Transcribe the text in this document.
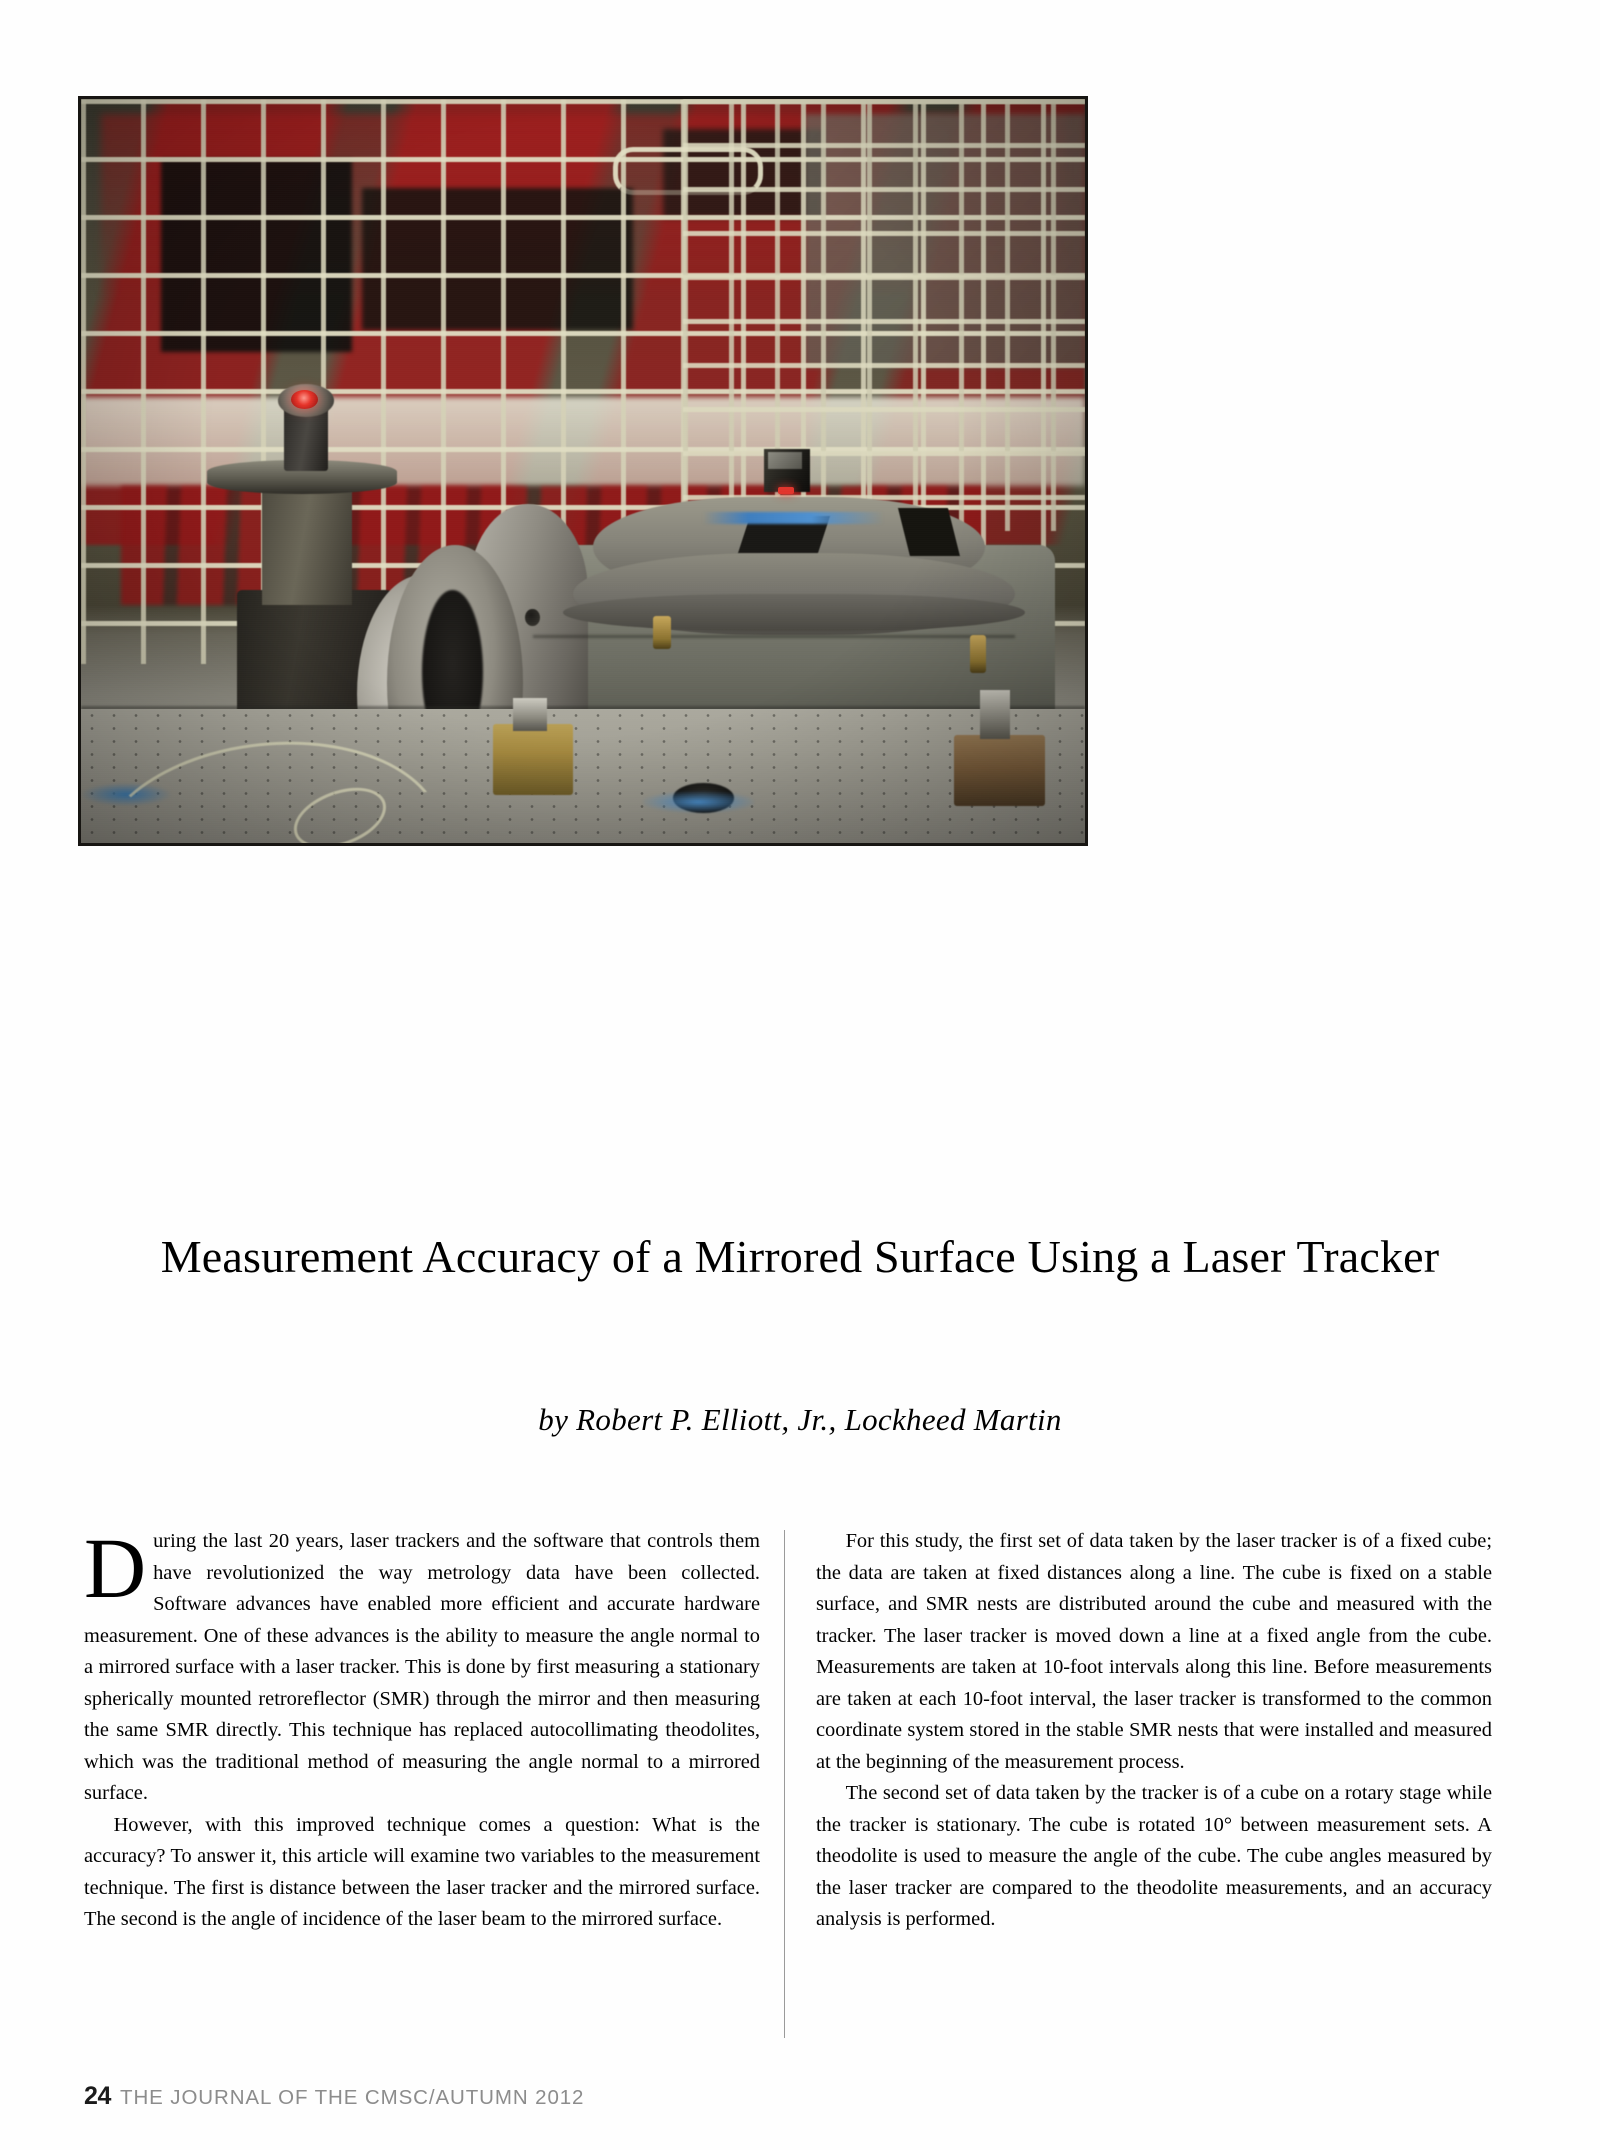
Measurement Accuracy of a Mirrored Surface Using a Laser Tracker
by Robert P. Elliott, Jr., Lockheed Martin

During the last 20 years, laser trackers and the software that controls them have revolutionized the way metrology data have been collected. Software advances have enabled more efficient and accurate hardware measurement. One of these advances is the ability to measure the angle normal to a mirrored surface with a laser tracker. This is done by first measuring a stationary spherically mounted retroreflector (SMR) through the mirror and then measuring the same SMR directly. This technique has replaced autocollimating theodolites, which was the traditional method of measuring the angle normal to a mirrored surface.

However, with this improved technique comes a question: What is the accuracy? To answer it, this article will examine two variables to the measurement technique. The first is distance between the laser tracker and the mirrored surface. The second is the angle of incidence of the laser beam to the mirrored surface.

For this study, the first set of data taken by the laser tracker is of a fixed cube; the data are taken at fixed distances along a line. The cube is fixed on a stable surface, and SMR nests are distributed around the cube and measured with the tracker. The laser tracker is moved down a line at a fixed angle from the cube. Measurements are taken at 10-foot intervals along this line. Before measurements are taken at each 10-foot interval, the laser tracker is transformed to the common coordinate system stored in the stable SMR nests that were installed and measured at the beginning of the measurement process.

The second set of data taken by the tracker is of a cube on a rotary stage while the tracker is stationary. The cube is rotated 10° between measurement sets. A theodolite is used to measure the angle of the cube. The cube angles measured by the laser tracker are compared to the theodolite measurements, and an accuracy analysis is performed.

24 THE JOURNAL OF THE CMSC/AUTUMN 2012
